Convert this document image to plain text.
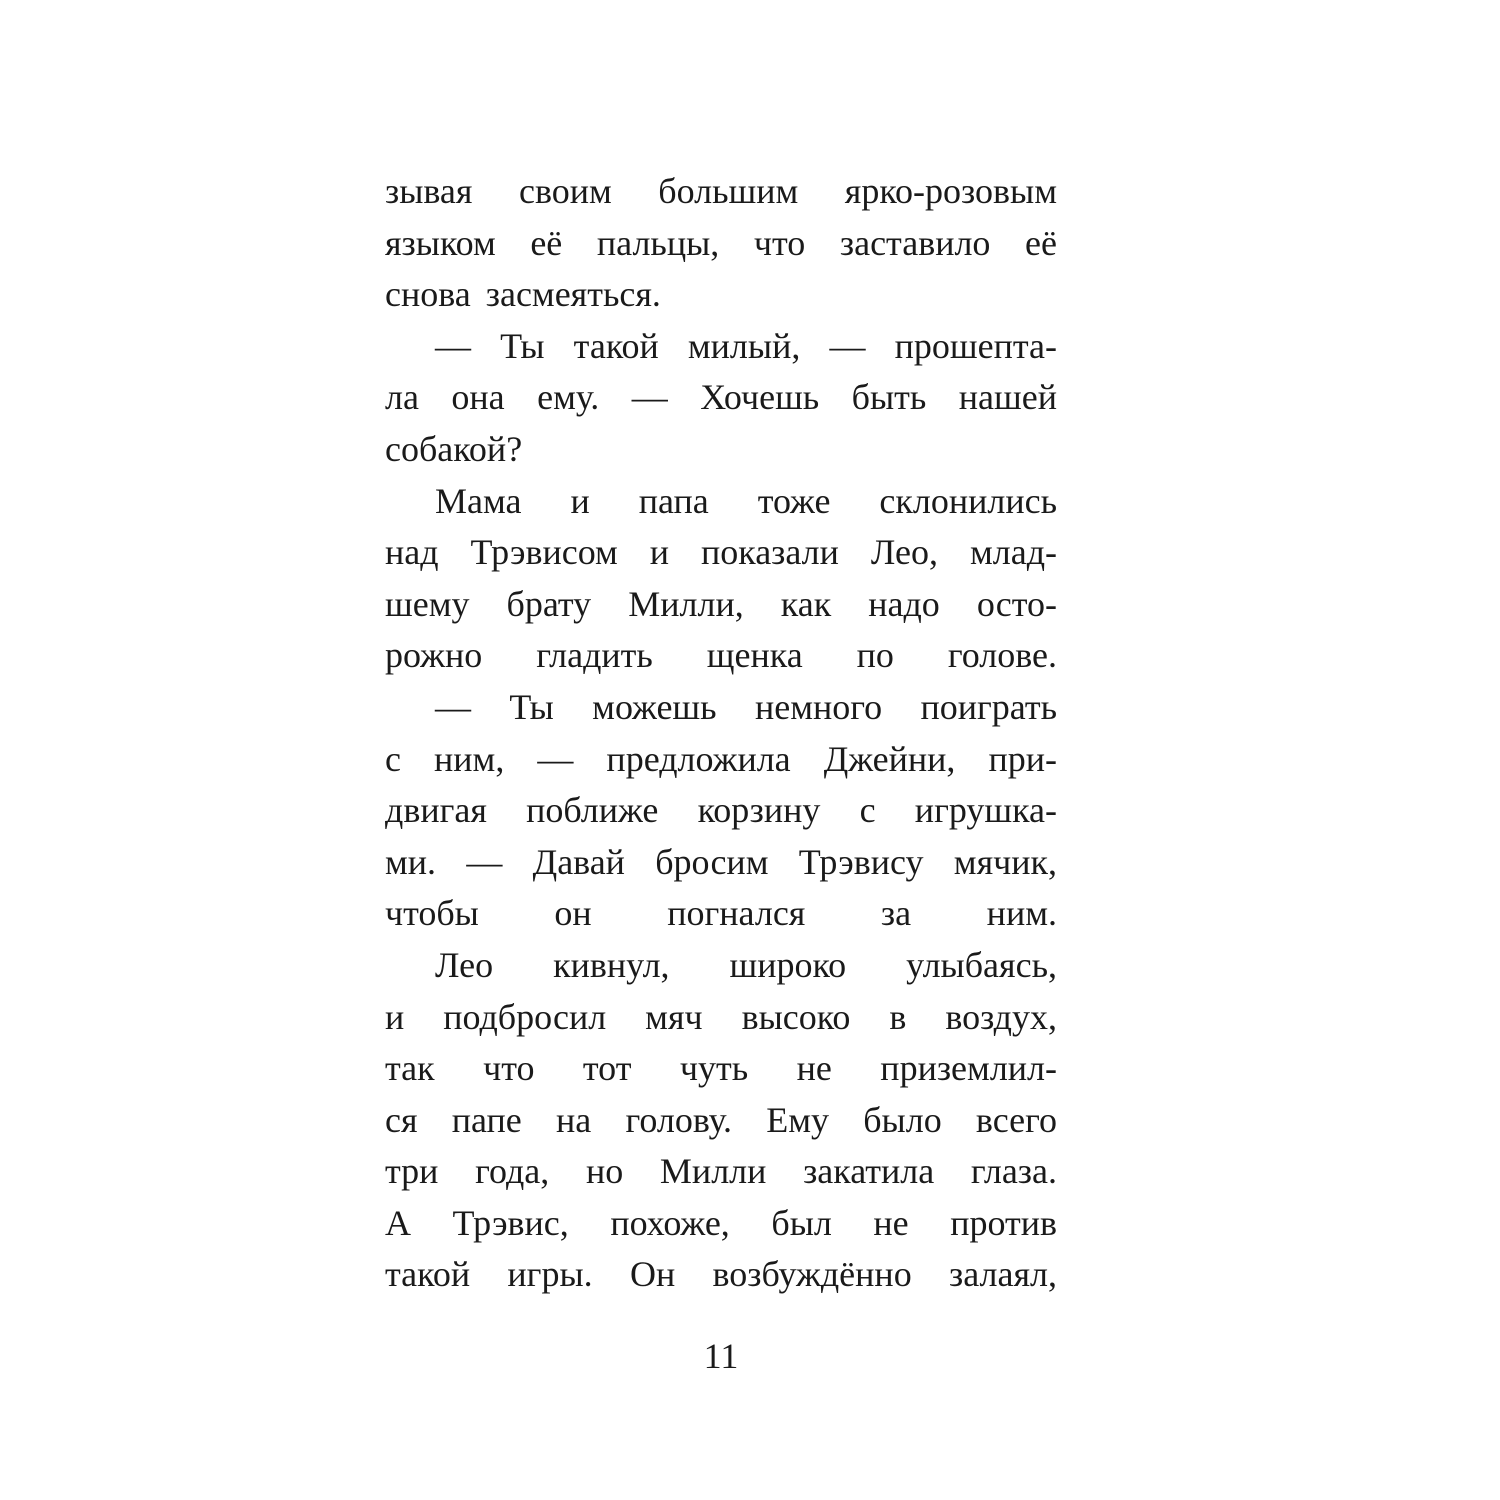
зывая своим большим ярко-розовым
языком её пальцы, что заставило её
снова засмеяться.
— Ты такой милый, — прошепта-
ла она ему. — Хочешь быть нашей
собакой?
Мама и папа тоже склонились
над Трэвисом и показали Лео, млад-
шему брату Милли, как надо осто-
рожно гладить щенка по голове.
— Ты можешь немного поиграть
с ним, — предложила Джейни, при-
двигая поближе корзину с игрушка-
ми. — Давай бросим Трэвису мячик,
чтобы он погнался за ним.
Лео кивнул, широко улыбаясь,
и подбросил мяч высоко в воздух,
так что тот чуть не приземлил-
ся папе на голову. Ему было всего
три года, но Милли закатила глаза.
А Трэвис, похоже, был не против
такой игры. Он возбуждённо залаял,
11
